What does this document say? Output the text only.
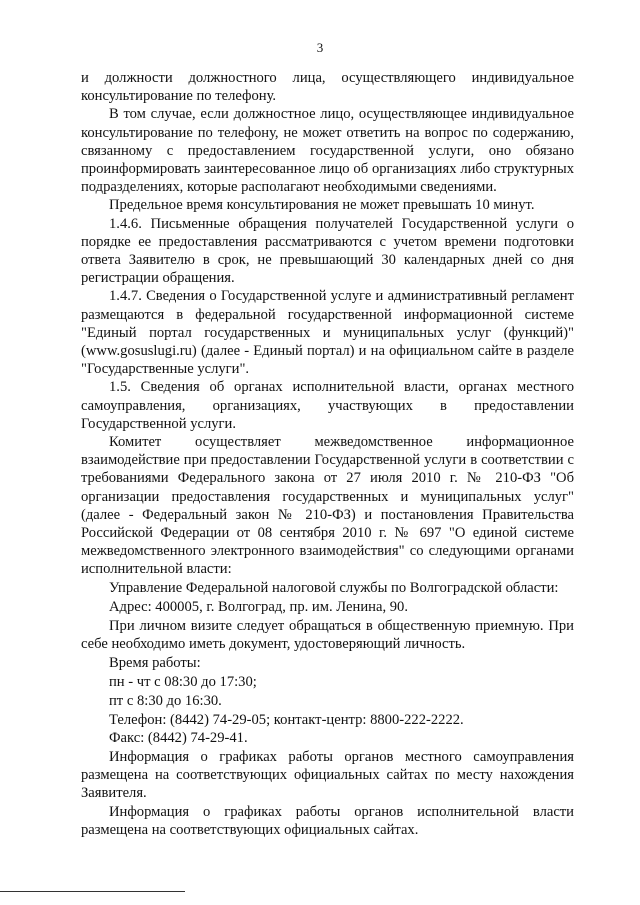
3

и должности должностного лица, осуществляющего индивидуальное консультирование по телефону.

В том случае, если должностное лицо, осуществляющее индивидуальное консультирование по телефону, не может ответить на вопрос по содержанию, связанному с предоставлением государственной услуги, оно обязано проинформировать заинтересованное лицо об организациях либо структурных подразделениях, которые располагают необходимыми сведениями.

Предельное время консультирования не может превышать 10 минут.

1.4.6. Письменные обращения получателей Государственной услуги о порядке ее предоставления рассматриваются с учетом времени подготовки ответа Заявителю в срок, не превышающий 30 календарных дней со дня регистрации обращения.

1.4.7. Сведения о Государственной услуге и административный регламент размещаются в федеральной государственной информационной системе "Единый портал государственных и муниципальных услуг (функций)" (www.gosuslugi.ru) (далее - Единый портал) и на официальном сайте в разделе "Государственные услуги".

1.5. Сведения об органах исполнительной власти, органах местного самоуправления, организациях, участвующих в предоставлении Государственной услуги.

Комитет осуществляет межведомственное информационное взаимодействие при предоставлении Государственной услуги в соответствии с требованиями Федерального закона от 27 июля 2010 г. № 210-ФЗ "Об организации предоставления государственных и муниципальных услуг" (далее - Федеральный закон № 210-ФЗ) и постановления Правительства Российской Федерации от 08 сентября 2010 г. № 697 "О единой системе межведомственного электронного взаимодействия" со следующими органами исполнительной власти:

Управление Федеральной налоговой службы по Волгоградской области:

Адрес: 400005, г. Волгоград, пр. им. Ленина, 90.

При личном визите следует обращаться в общественную приемную. При себе необходимо иметь документ, удостоверяющий личность.

Время работы:

пн - чт с 08:30 до 17:30;

пт с 8:30 до 16:30.

Телефон: (8442) 74-29-05; контакт-центр: 8800-222-2222.

Факс: (8442) 74-29-41.

Информация о графиках работы органов местного самоуправления размещена на соответствующих официальных сайтах по месту нахождения Заявителя.

Информация о графиках работы органов исполнительной власти размещена на соответствующих официальных сайтах.
